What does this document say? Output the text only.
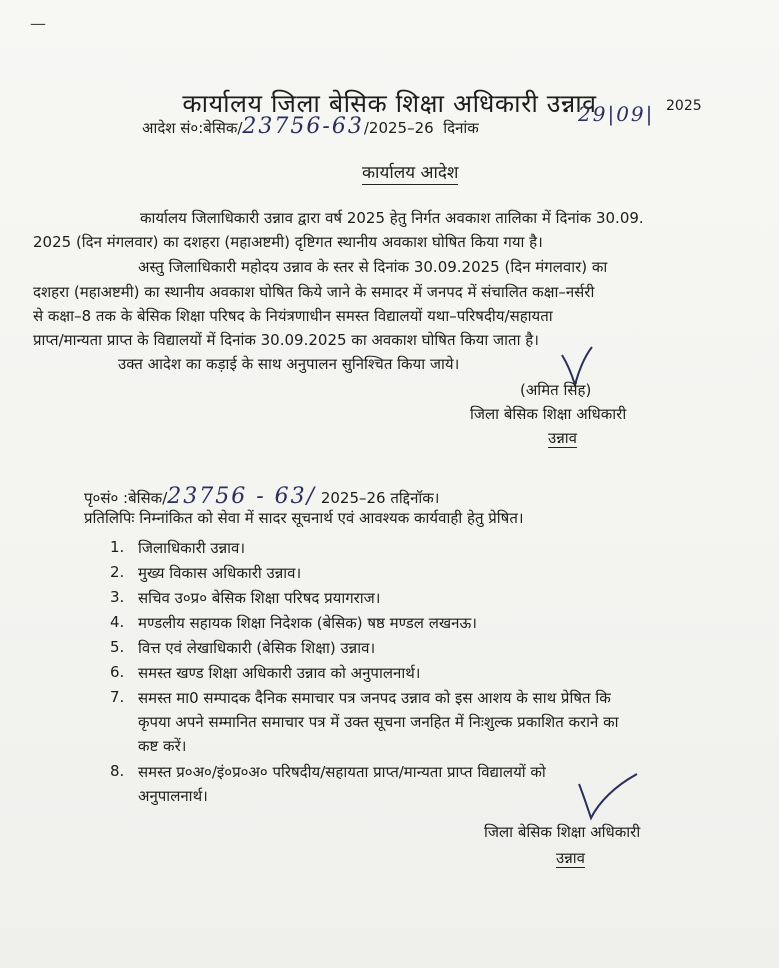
—
कार्यालय जिला बेसिक शिक्षा अधिकारी उन्नाव
आदेश सं०:बेसिक/23756-63/2025–26 दिनांक
29|09| 2025
कार्यालय आदेश
कार्यालय जिलाधिकारी उन्नाव द्वारा वर्ष 2025 हेतु निर्गत अवकाश तालिका में दिनांक 30.09.
2025 (दिन मंगलवार) का दशहरा (महाअष्टमी) दृष्टिगत स्थानीय अवकाश घोषित किया गया है।
अस्तु जिलाधिकारी महोदय उन्नाव के स्तर से दिनांक 30.09.2025 (दिन मंगलवार) का
दशहरा (महाअष्टमी) का स्थानीय अवकाश घोषित किये जाने के समादर में जनपद में संचालित कक्षा–नर्सरी
से कक्षा–8 तक के बेसिक शिक्षा परिषद के नियंत्रणाधीन समस्त विद्यालयों यथा–परिषदीय/सहायता
प्राप्त/मान्यता प्राप्त के विद्यालयों में दिनांक 30.09.2025 का अवकाश घोषित किया जाता है।
उक्त आदेश का कड़ाई के साथ अनुपालन सुनिश्चित किया जाये।
(अमित सिंह)
जिला बेसिक शिक्षा अधिकारी
उन्नाव
पृ०सं० :बेसिक/23756 - 63/ 2025–26 तद्दिनॉक।
प्रतिलिपिः निम्नांकित को सेवा में सादर सूचनार्थ एवं आवश्यक कार्यवाही हेतु प्रेषित।
1. जिलाधिकारी उन्नाव।
2. मुख्य विकास अधिकारी उन्नाव।
3. सचिव उ०प्र० बेसिक शिक्षा परिषद प्रयागराज।
4. मण्डलीय सहायक शिक्षा निदेशक (बेसिक) षष्ठ मण्डल लखनऊ।
5. वित्त एवं लेखाधिकारी (बेसिक शिक्षा) उन्नाव।
6. समस्त खण्ड शिक्षा अधिकारी उन्नाव को अनुपालनार्थ।
7. समस्त मा0 सम्पादक दैनिक समाचार पत्र जनपद उन्नाव को इस आशय के साथ प्रेषित कि
कृपया अपने सम्मानित समाचार पत्र में उक्त सूचना जनहित में निःशुल्क प्रकाशित कराने का
कष्ट करें।
8. समस्त प्र०अ०/इं०प्र०अ० परिषदीय/सहायता प्राप्त/मान्यता प्राप्त विद्यालयों को
अनुपालनार्थ।
जिला बेसिक शिक्षा अधिकारी
उन्नाव
